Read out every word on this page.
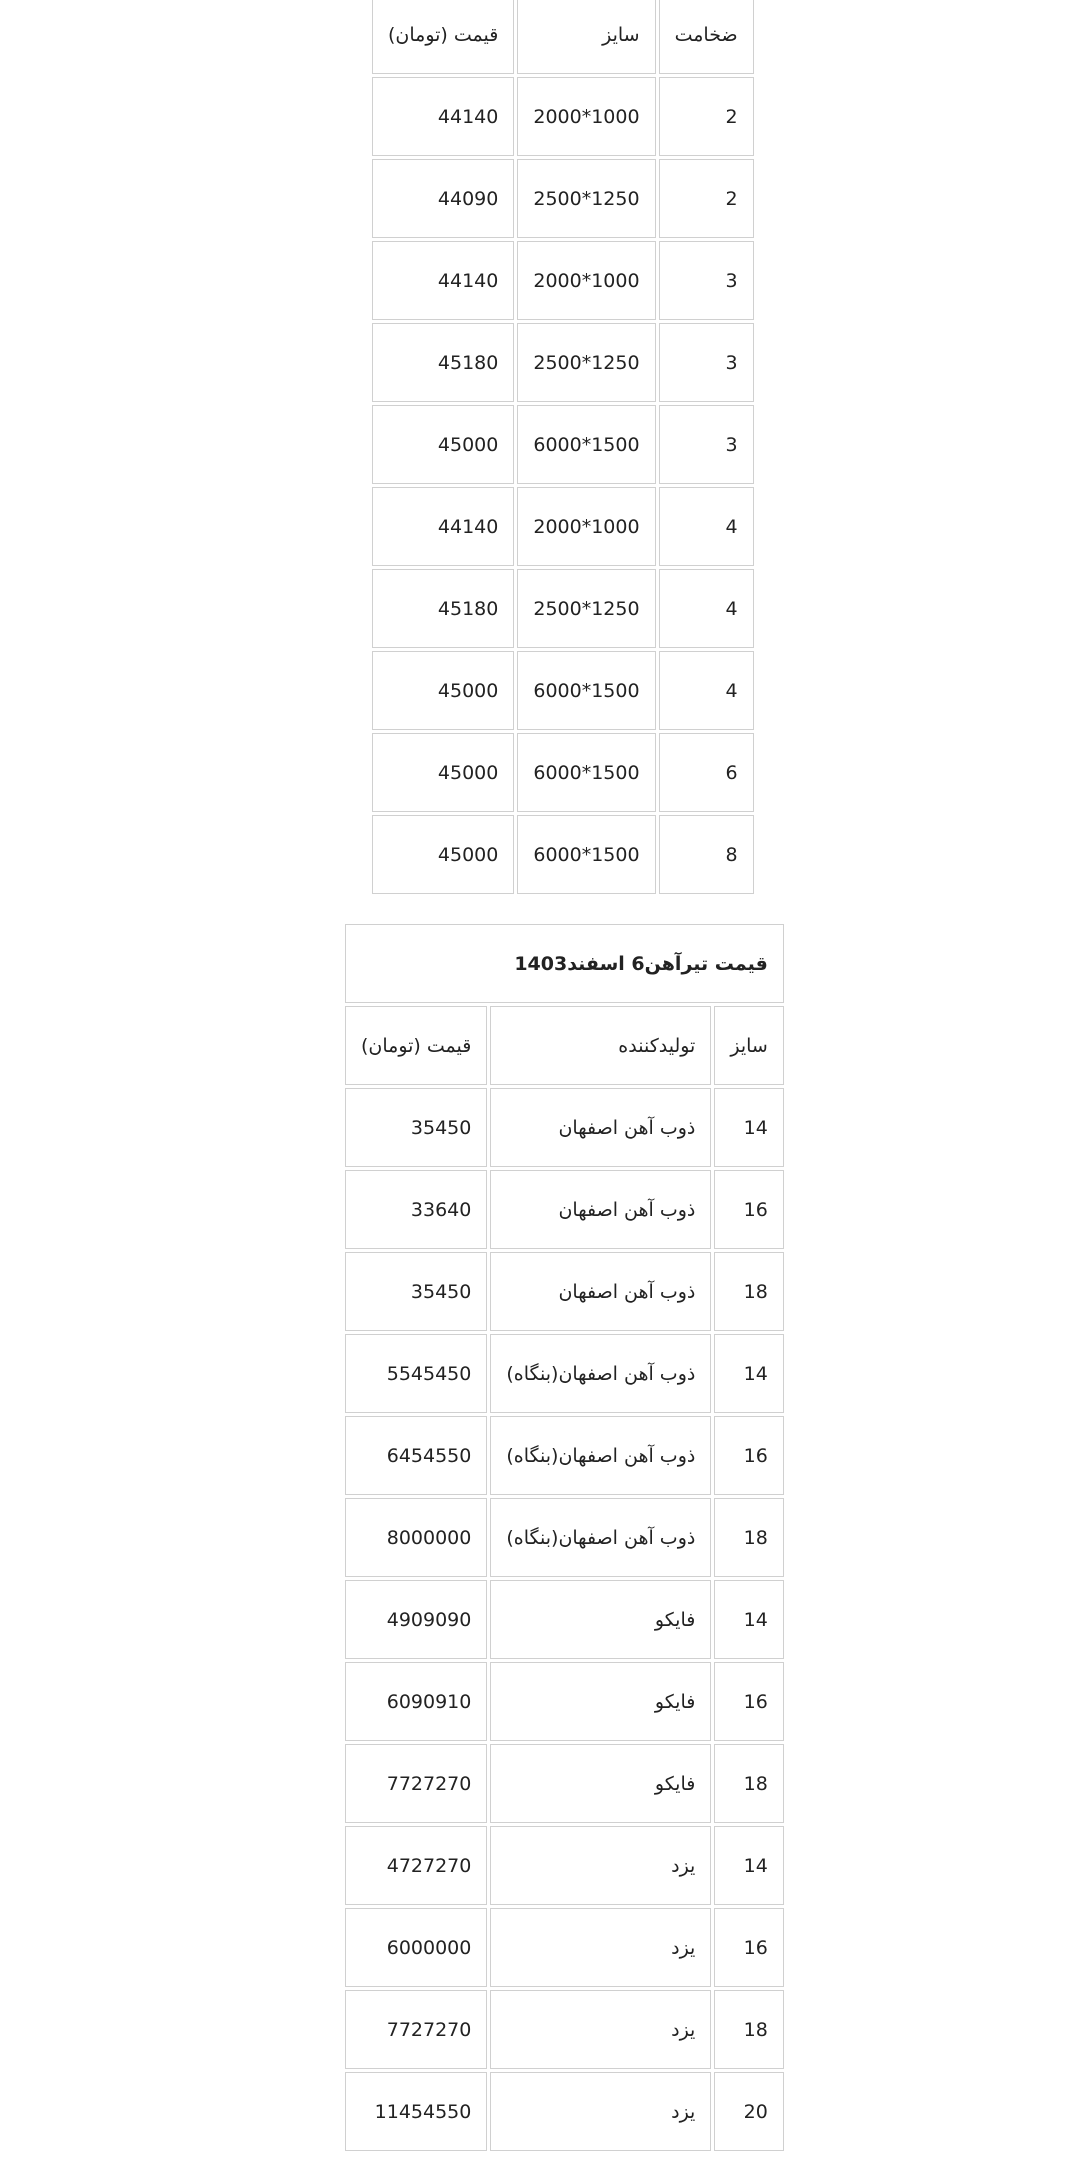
ضخامت	سایز	قیمت (تومان)
2	1000*2000	44140
2	1250*2500	44090
3	1000*2000	44140
3	1250*2500	45180
3	1500*6000	45000
4	1000*2000	44140
4	1250*2500	45180
4	1500*6000	45000
6	1500*6000	45000
8	1500*6000	45000
قیمت تیرآهن6 اسفند1403		
سایز	تولیدکننده	قیمت (تومان)
14	ذوب آهن اصفهان	35450
16	ذوب آهن اصفهان	33640
18	ذوب آهن اصفهان	35450
14	ذوب آهن اصفهان(بنگاه)	5545450
16	ذوب آهن اصفهان(بنگاه)	6454550
18	ذوب آهن اصفهان(بنگاه)	8000000
14	فایکو	4909090
16	فایکو	6090910
18	فایکو	7727270
14	یزد	4727270
16	یزد	6000000
18	یزد	7727270
20	یزد	11454550
